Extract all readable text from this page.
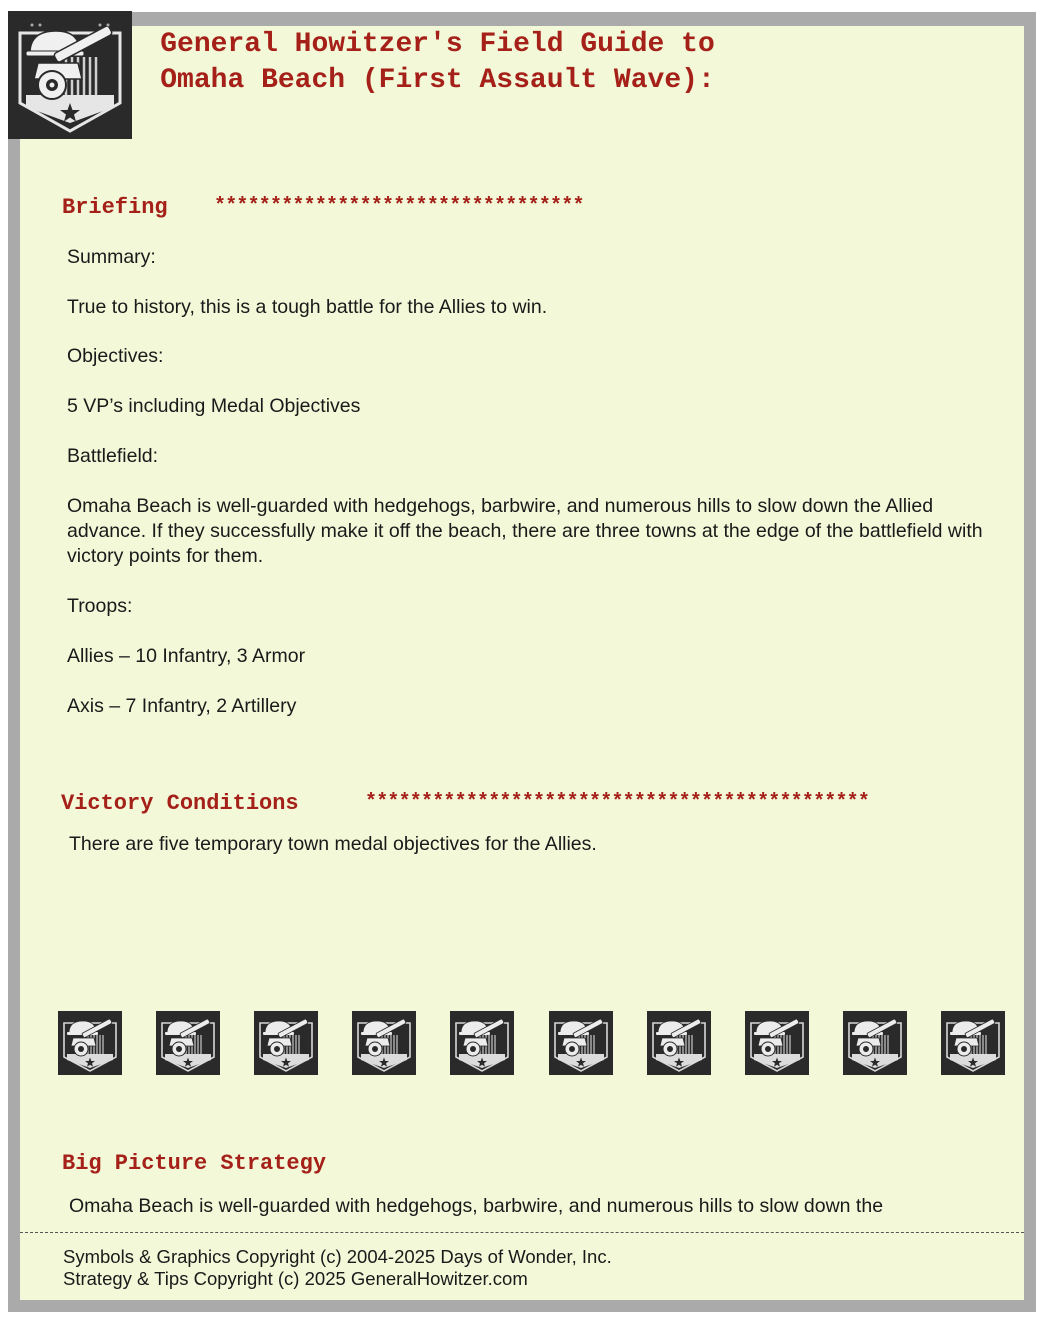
General Howitzer's Field Guide to Omaha Beach (First Assault Wave):
Briefing *********************************
Summary:
True to history, this is a tough battle for the Allies to win.
Objectives:
5 VP’s including Medal Objectives
Battlefield:
Omaha Beach is well-guarded with hedgehogs, barbwire, and numerous hills to slow down the Allied advance. If they successfully make it off the beach, there are three towns at the edge of the battlefield with victory points for them.
Troops:
Allies – 10 Infantry, 3 Armor
Axis – 7 Infantry, 2 Artillery
Victory Conditions	*********************************************
There are five temporary town medal objectives for the Allies.
Big Picture Strategy
Omaha Beach is well-guarded with hedgehogs, barbwire, and numerous hills to slow down the
Symbols & Graphics Copyright (c) 2004-2025 Days of Wonder, Inc.
Strategy & Tips Copyright (c) 2025 GeneralHowitzer.com
